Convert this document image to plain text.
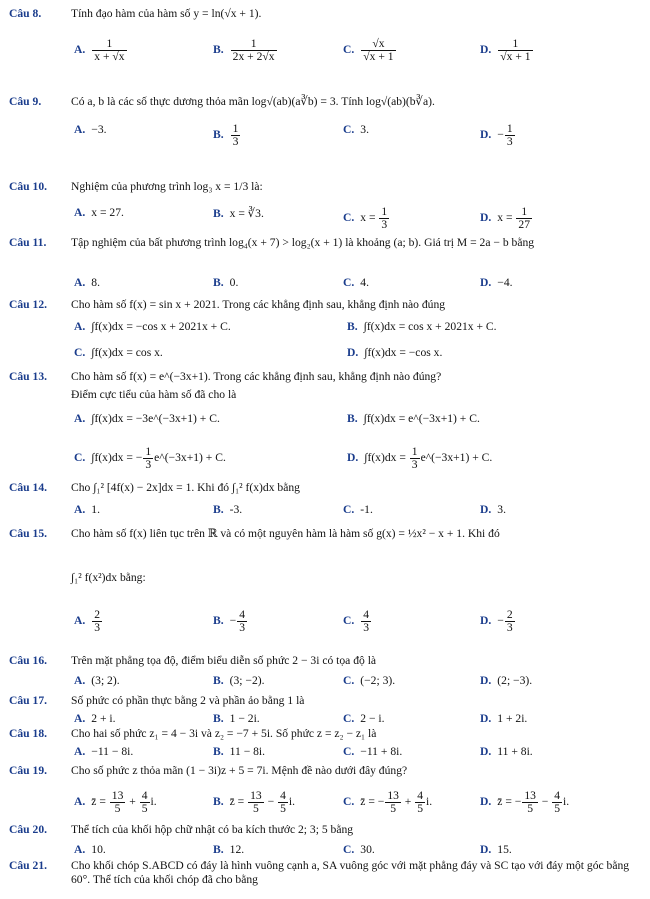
Câu 8.	Tính đạo hàm của hàm số y = ln(√x + 1).
A. $\frac{1}{x + √x}$	B. $\frac{1}{2x + 2√x}$	C. $\frac{√x}{√x + 1}$	D. $\frac{1}{√x + 1}$
Câu 9.	Có a, b là các số thực dương thỏa mãn log√(ab)(a∛b) = 3. Tính log√(ab)(b∛a).
A. −3.	B. $\frac{1}{3}$	C. 3.	D. − $\frac{1}{3}$
Câu 10. Nghiệm của phương trình log₃ x = 1/3 là:
A. x = 27.	B. x = ∛3.	C. $x = \frac{1}{3}$	D. $x = \frac{1}{27}$
Câu 11. Tập nghiệm của bất phương trình log₄(x + 7) > log₂(x + 1) là khoảng (a; b). Giá trị M = 2a − b bằng
A. 8.	B. 0.	C. 4.	D. −4.
Câu 12. Cho hàm số f(x) = sin x + 2021. Trong các khẳng định sau, khẳng định nào đúng
A. ∫f(x)dx = −cos x + 2021x + C.	B. ∫f(x)dx = cos x + 2021x + C.
C. ∫f(x)dx = cos x.	D. ∫f(x)dx = −cos x.
Câu 13. Cho hàm số f(x) = e^(−3x+1). Trong các khẳng định sau, khẳng định nào đúng?
Điểm cực tiểu của hàm số đã cho là
A. ∫f(x)dx = −3e^(−3x+1) + C.	B. ∫f(x)dx = e^(−3x+1) + C.
C. ∫f(x)dx = − $\frac{1}{3}$ e^(−3x+1) + C.	D. $\int f(x)dx = \frac{1}{3}$ e^(−3x+1) + C.
Câu 14. Cho ∫₁² [4f(x) − 2x]dx = 1. Khi đó ∫₁² f(x)dx bằng
A. 1.	B. -3.	C. -1.	D. 3.
Câu 15. Cho hàm số f(x) liên tục trên ℝ và có một nguyên hàm là hàm số g(x) = ½x² − x + 1. Khi đó
∫₁² f(x²)dx bằng:
A. $\frac{2}{3}$	B. − $\frac{4}{3}$	C. $\frac{4}{3}$	D. − $\frac{2}{3}$
Câu 16. Trên mặt phẳng tọa độ, điểm biểu diễn số phức 2 − 3i có tọa độ là
A. (3; 2).	B. (3; −2).	C. (−2; 3).	D. (2; −3).
Câu 17. Số phức có phần thực bằng 2 và phần ảo bằng 1 là
A. 2 + i.	B. 1 − 2i.	C. 2 − i.	D. 1 + 2i.
Câu 18. Cho hai số phức z₁ = 4 − 3i và z₂ = −7 + 5i. Số phức z = z₂ − z₁ là
A. −11 − 8i.	B. 11 − 8i.	C. −11 + 8i.	D. 11 + 8i.
Câu 19. Cho số phức z thỏa mãn (1 − 3i)z + 5 = 7i. Mệnh đề nào dưới đây đúng?
A. z̄ = $\frac{13}{5} + \frac{4}{5} i$.	B. z̄ = $\frac{13}{5} - \frac{4}{5} i$.	C. z̄ = − $\frac{13}{5} + \frac{4}{5} i$.	D. z̄ = − $\frac{13}{5} - \frac{4}{5} i$.
Câu 20. Thể tích của khối hộp chữ nhật có ba kích thước 2; 3; 5 bằng
A. 10.	B. 12.	C. 30.	D. 15.
Câu 21. Cho khối chóp S.ABCD có đáy là hình vuông cạnh a, SA vuông góc với mặt phẳng đáy và SC tạo với đáy một góc bằng 60°. Thể tích của khối chóp đã cho bằng
